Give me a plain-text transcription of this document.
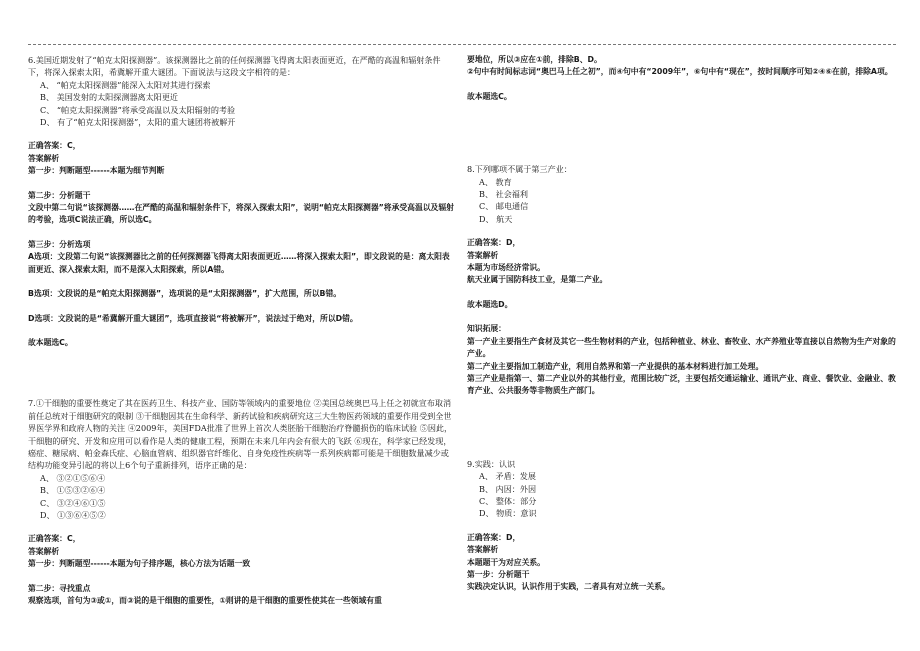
6.美国近期发射了“帕克太阳探测器”。该探测器比之前的任何探测器飞得离太阳表面更近，在严酷的高温和辐射条件下，将深入探索太阳，希冀解开重大谜团。下面说法与这段文字相符的是：

A、 “帕克太阳探测器”能深入太阳对其进行探索

B、 美国发射的太阳探测器离太阳更近

C、 “帕克太阳探测器”将承受高温以及太阳辐射的考验

D、 有了“帕克太阳探测器”，太阳的重大谜团将被解开

正确答案：C，

答案解析

第一步：判断题型------本题为细节判断

第二步：分析题干

文段中第二句说“该探测器……在严酷的高温和辐射条件下，将深入探索太阳”，说明“帕克太阳探测器”将承受高温以及辐射的考验，选项C说法正确，所以选C。

第三步：分析选项

A选项：文段第二句说“该探测器比之前的任何探测器飞得离太阳表面更近……将深入探索太阳”，即文段说的是：离太阳表面更近、深入探索太阳，而不是深入太阳探索，所以A错。

B选项：文段说的是“帕克太阳探测器”，选项说的是“太阳探测器”，扩大范围，所以B错。

D选项：文段说的是“希冀解开重大谜团”，选项直接说“将被解开”，说法过于绝对，所以D错。

故本题选C。

7.①干细胞的重要性奠定了其在医药卫生、科技产业、国防等领域内的重要地位 ②美国总统奥巴马上任之初就宣布取消前任总统对于细胞研究的限制 ③干细胞因其在生命科学、新药试验和疾病研究这三大生物医药领域的重要作用受到全世界医学界和政府人物的关注 ④2009年，美国FDA批准了世界上首次人类胚胎干细胞治疗脊髓损伤的临床试验 ⑤因此，干细胞的研究、开发和应用可以看作是人类的健康工程，预期在未来几年内会有很大的飞跃 ⑥现在，科学家已经发现，癌症、糖尿病、帕金森氏症、心脑血管病、组织器官纤维化、自身免疫性疾病等一系列疾病都可能是干细胞数量减少或结构功能变异引起的将以上6个句子重新排列，语序正确的是：

A、 ③②①⑤⑥④

B、 ①⑤③②⑥④

C、 ③②④⑥①⑤

D、 ①③⑥④⑤②

正确答案：C，

答案解析

第一步：判断题型------本题为句子排序题，核心方法为话题一致

第二步：寻找重点

观察选项，首句为③或①，而③说的是干细胞的重要性，①则讲的是干细胞的重要性使其在一些领域有重

要地位，所以③应在①前，排除B、D。

②句中有时间标志词“奥巴马上任之初”，而④句中有“2009年”，⑥句中有“现在”，按时间顺序可知②④⑥在前，排除A项。

故本题选C。

8.下列哪项不属于第三产业：

A、 教育

B、 社会福利

C、 邮电通信

D、 航天

正确答案：D，

答案解析

本题为市场经济常识。

航天业属于国防科技工业，是第二产业。

故本题选D。

知识拓展：

第一产业主要指生产食材及其它一些生物材料的产业，包括种植业、林业、畜牧业、水产养殖业等直接以自然物为生产对象的产业。

第二产业主要指加工制造产业，利用自然界和第一产业提供的基本材料进行加工处理。

第三产业是指第一、第二产业以外的其他行业，范围比较广泛，主要包括交通运输业、通讯产业、商业、餐饮业、金融业、教育产业、公共服务等非物质生产部门。

9.实践：认识

A、 矛盾：发展

B、 内因：外因

C、 整体：部分

D、 物质：意识

正确答案：D，

答案解析

本题题干为对应关系。

第一步：分析题干

实践决定认识，认识作用于实践，二者具有对立统一关系。
